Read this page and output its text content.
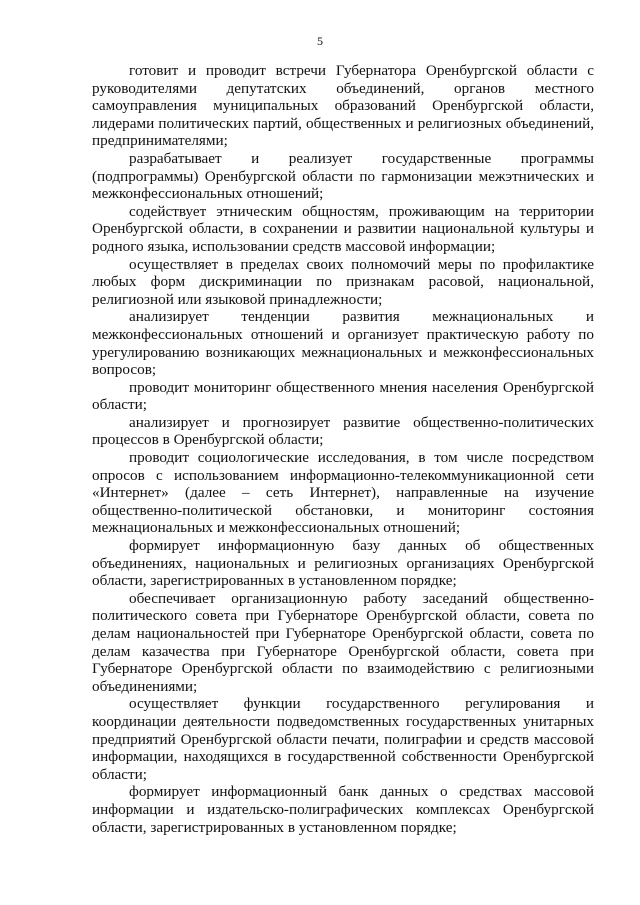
5

готовит и проводит встречи Губернатора Оренбургской области с руководителями депутатских объединений, органов местного самоуправления муниципальных образований Оренбургской области, лидерами политических партий, общественных и религиозных объединений, предпринимателями;

разрабатывает и реализует государственные программы (подпрограммы) Оренбургской области по гармонизации межэтнических и межконфессиональных отношений;

содействует этническим общностям, проживающим на территории Оренбургской области, в сохранении и развитии национальной культуры и родного языка, использовании средств массовой информации;

осуществляет в пределах своих полномочий меры по профилактике любых форм дискриминации по признакам расовой, национальной, религиозной или языковой принадлежности;

анализирует тенденции развития межнациональных и межконфессиональных отношений и организует практическую работу по урегулированию возникающих межнациональных и межконфессиональных вопросов;

проводит мониторинг общественного мнения населения Оренбургской области;

анализирует и прогнозирует развитие общественно-политических процессов в Оренбургской области;

проводит социологические исследования, в том числе посредством опросов с использованием информационно-телекоммуникационной сети «Интернет» (далее – сеть Интернет), направленные на изучение общественно-политической обстановки, и мониторинг состояния межнациональных и межконфессиональных отношений;

формирует информационную базу данных об общественных объединениях, национальных и религиозных организациях Оренбургской области, зарегистрированных в установленном порядке;

обеспечивает организационную работу заседаний общественно-политического совета при Губернаторе Оренбургской области, совета по делам национальностей при Губернаторе Оренбургской области, совета по делам казачества при Губернаторе Оренбургской области, совета при Губернаторе Оренбургской области по взаимодействию с религиозными объединениями;

осуществляет функции государственного регулирования и координации деятельности подведомственных государственных унитарных предприятий Оренбургской области печати, полиграфии и средств массовой информации, находящихся в государственной собственности Оренбургской области;

формирует информационный банк данных о средствах массовой информации и издательско-полиграфических комплексах Оренбургской области, зарегистрированных в установленном порядке;
